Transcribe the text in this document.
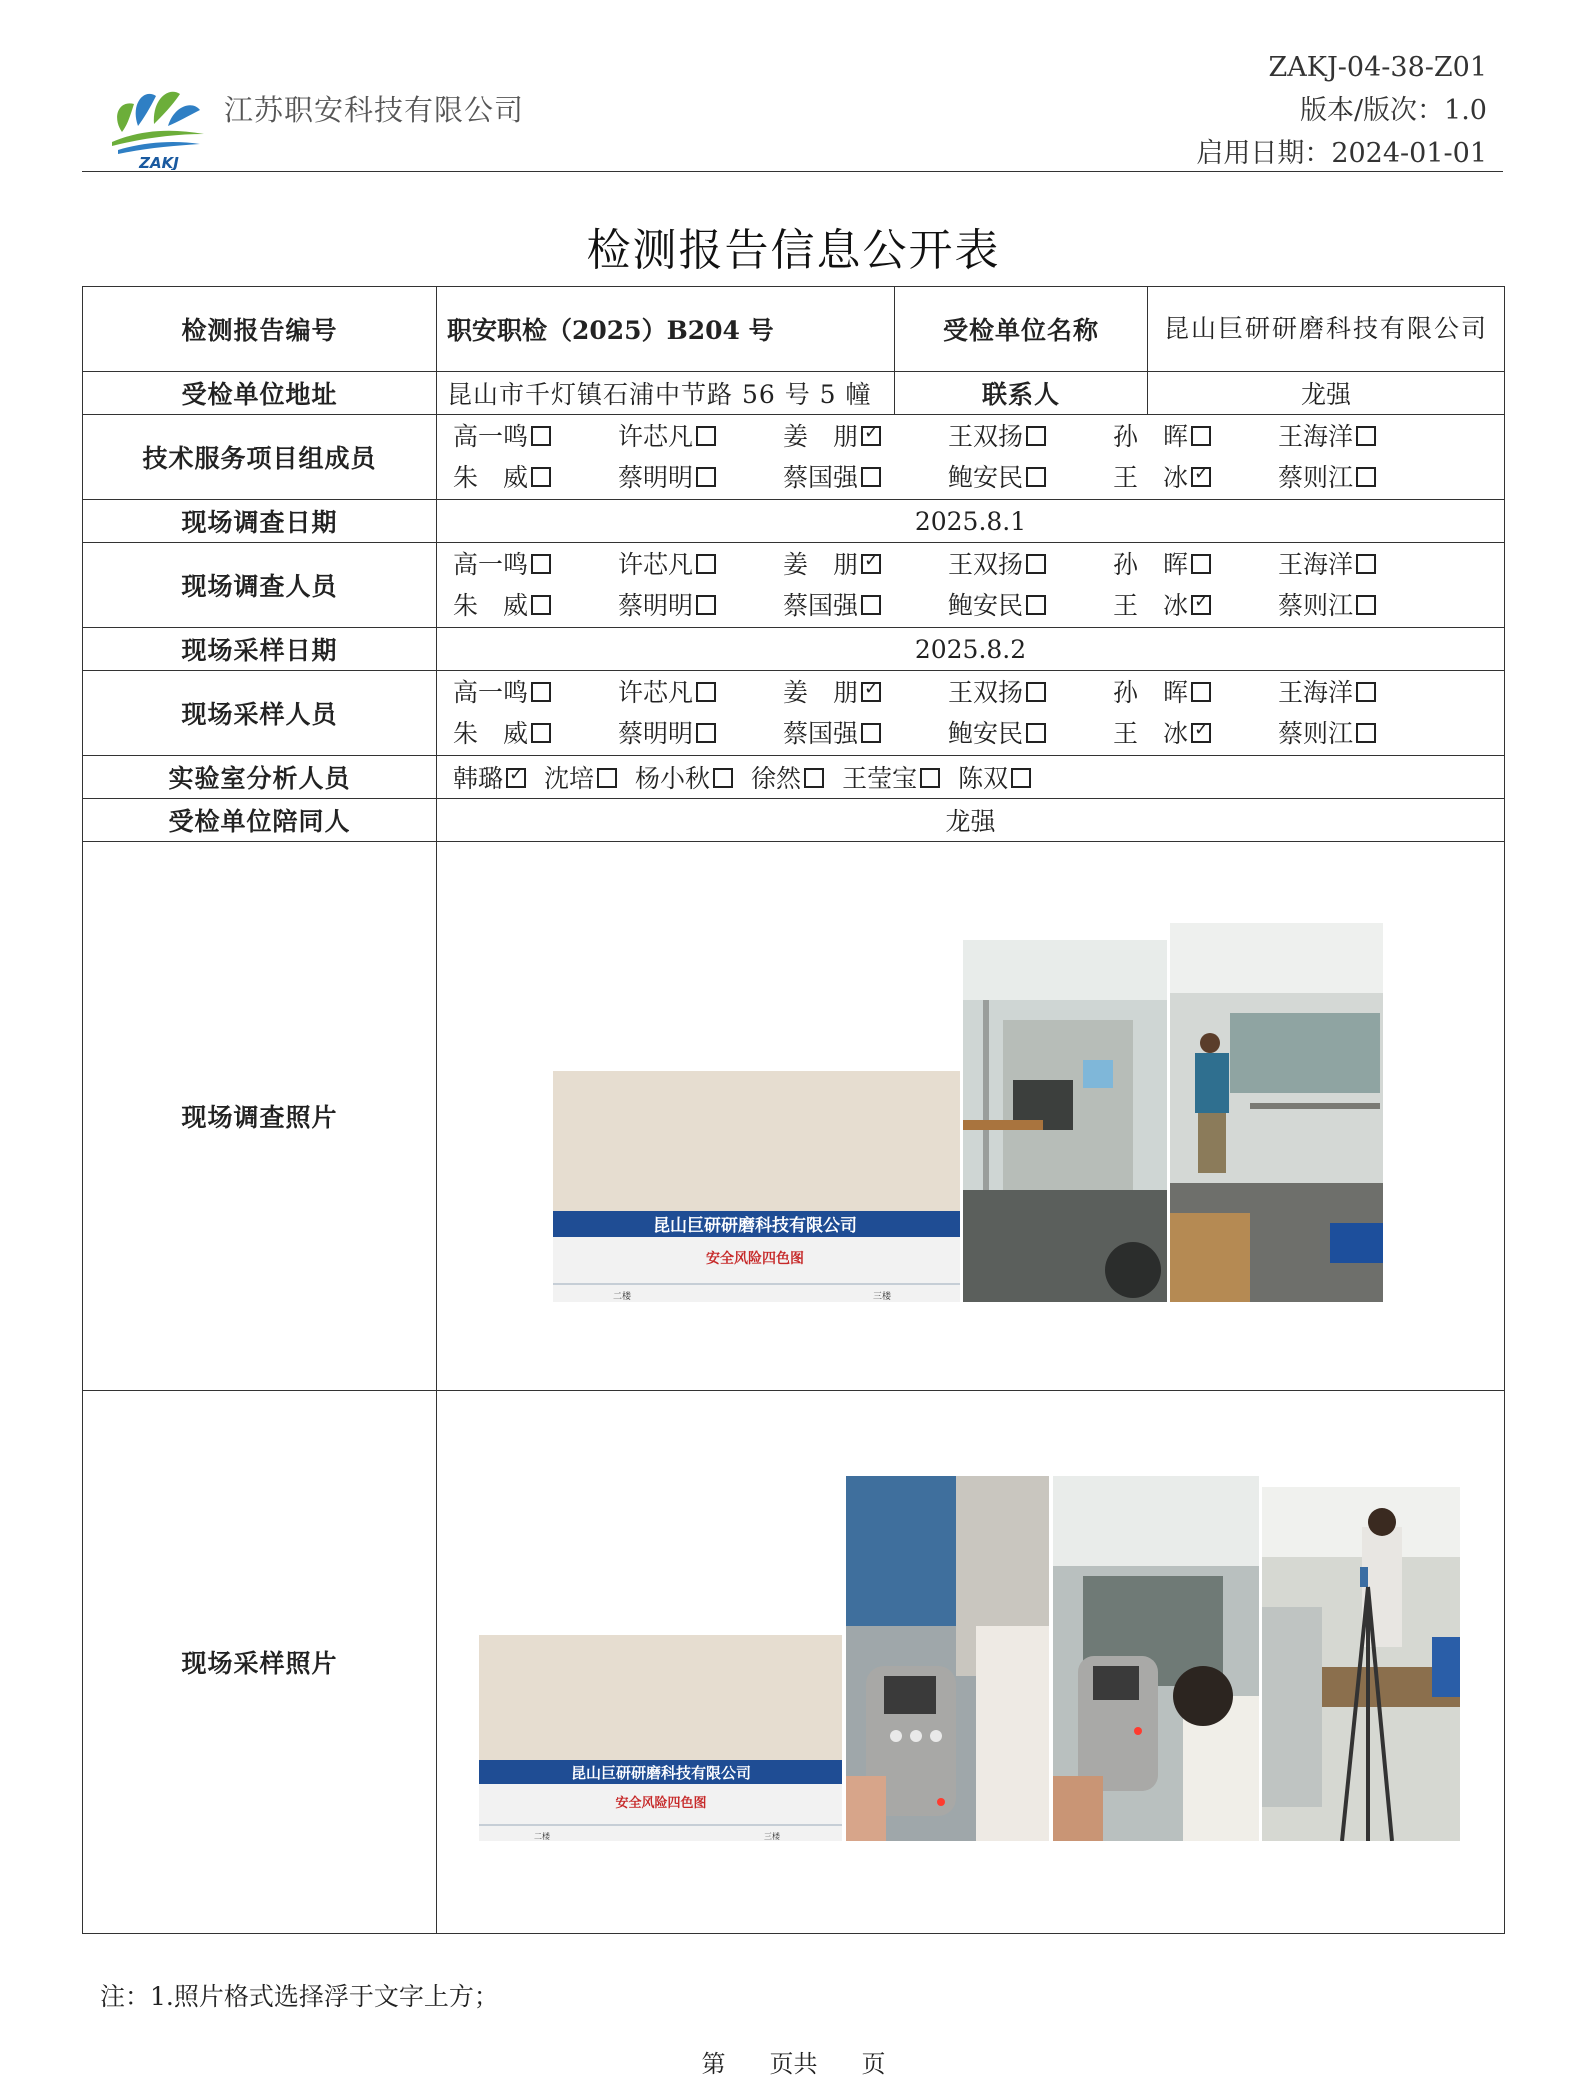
ZAKJ
江苏职安科技有限公司
ZAKJ-04-38-Z01
版本/版次：1.0
启用日期：2024-01-01
检测报告信息公开表
检测报告编号	职安职检（2025）B204 号	受检单位名称	昆山巨研研磨科技有限公司
受检单位地址	昆山市千灯镇石浦中节路 56 号 5 幢	联系人	龙强
技术服务项目组成员	高一鸣 许芯凡 姜　朋 ✓ 王双扬 孙　晖 王海洋
朱　威 蔡明明 蔡国强 鲍安民 王　冰 ✓ 蔡则江

现场调查日期	2025.8.1		
现场调查人员	高一鸣 许芯凡 姜　朋 ✓ 王双扬 孙　晖 王海洋
朱　威 蔡明明 蔡国强 鲍安民 王　冰 ✓ 蔡则江

现场采样日期	2025.8.2		
现场采样人员	高一鸣 许芯凡 姜　朋 ✓ 王双扬 孙　晖 王海洋
朱　威 蔡明明 蔡国强 鲍安民 王　冰 ✓ 蔡则江

实验室分析人员	韩璐 ✓ 沈培 杨小秋 徐然 王莹宝 陈双
受检单位陪同人	龙强		
现场调查照片			
现场采样照片			
昆山巨研研磨科技有限公司
安全风险四色图
二楼	三楼
昆山巨研研磨科技有限公司
安全风险四色图
二楼	三楼
注：1.照片格式选择浮于文字上方；
第 页共 页
